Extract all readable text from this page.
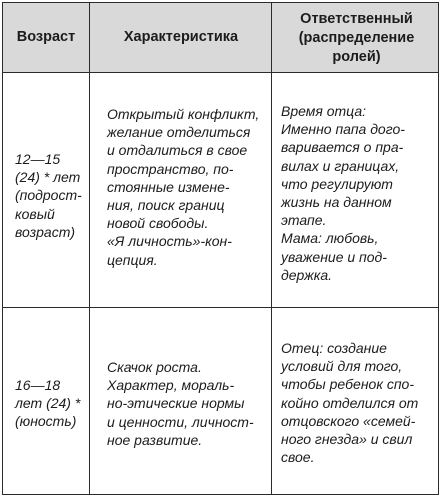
Возраст	Характеристика
Ответственный
(распределение
ролей)
12—15
(24) * лет
(подрост-
ковый
возраст)
Открытый конфликт,
желание отделиться
и отдалиться в свое
пространство, по-
стоянные измене-
ния, поиск границ
новой свободы.
«Я личность»-кон-
цепция.
Время отца:
Именно папа дого-
варивается о пра-
вилах и границах,
что регулируют
жизнь на данном
этапе.
Мама: любовь,
уважение и под-
держка.
16—18
лет (24) *
(юность)
Скачок роста.
Характер, мораль-
но-этические нормы
и ценности, личност-
ное развитие.
Отец: создание
условий для того,
чтобы ребенок спо-
койно отделился от
отцовского «семей-
ного гнезда» и свил
свое.
